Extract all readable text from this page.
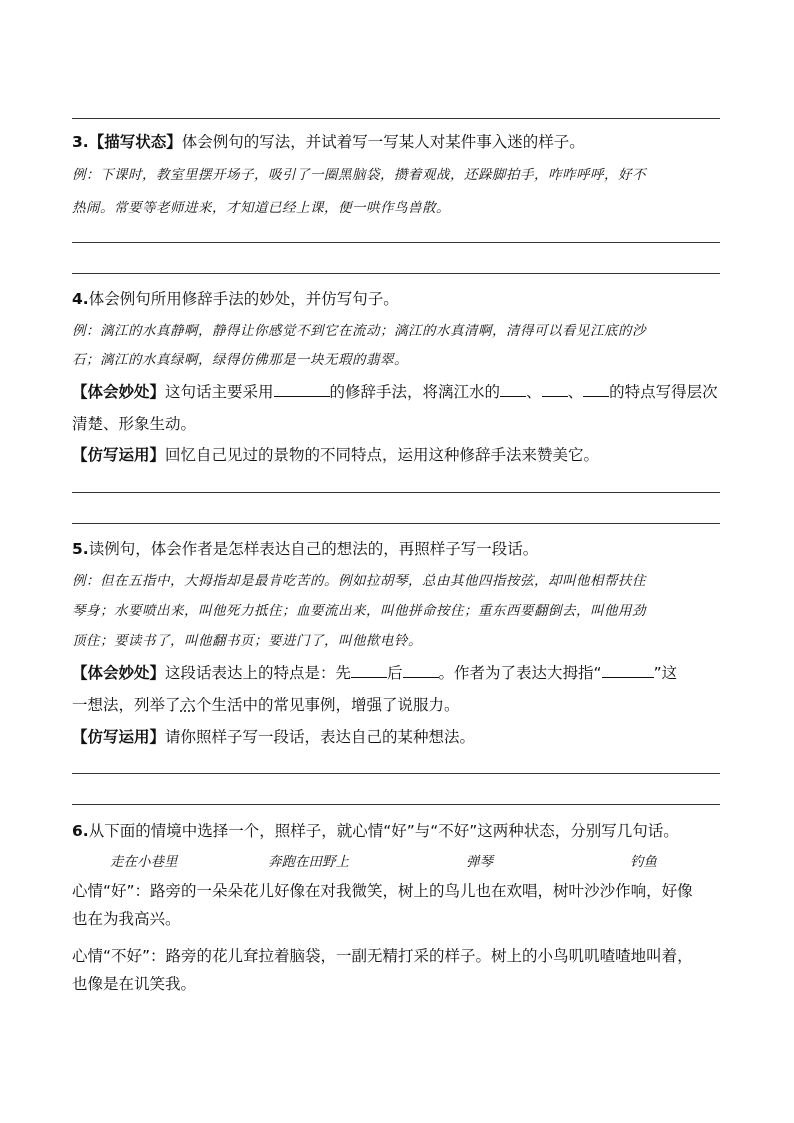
3.【描写状态】体会例句的写法，并试着写一写某人对某件事入迷的样子。
例：下课时，教室里摆开场子，吸引了一圈黑脑袋，攒着观战，还跺脚拍手，咋咋呼呼，好不
热闹。常要等老师进来，才知道已经上课，便一哄作鸟兽散。
4.体会例句所用修辞手法的妙处，并仿写句子。
例：漓江的水真静啊，静得让你感觉不到它在流动；漓江的水真清啊，清得可以看见江底的沙
石；漓江的水真绿啊，绿得仿佛那是一块无瑕的翡翠。
【体会妙处】这句话主要采用	的修辞手法，将漓江水的 、 、 的特点写得层次
清楚、形象生动。
【仿写运用】回忆自己见过的景物的不同特点，运用这种修辞手法来赞美它。
5.读例句，体会作者是怎样表达自己的想法的，再照样子写一段话。
例：但在五指中，大拇指却是最肯吃苦的。例如拉胡琴，总由其他四指按弦，却叫他相帮扶住
琴身；水要喷出来，叫他死力抵住；血要流出来，叫他拼命按住；重东西要翻倒去，叫他用劲
顶住；要读书了，叫他翻书页；要进门了，叫他揿电铃。
【体会妙处】这段话表达上的特点是：先 后 。作者为了表达大拇指“	”这
一想法，列举了六个生活中的常见事例，增强了说服力。
【仿写运用】请你照样子写一段话，表达自己的某种想法。
6.从下面的情境中选择一个，照样子，就心情“好”与“不好”这两种状态，分别写几句话。
走在小巷里	奔跑在田野上	弹琴	钓鱼
心情“好”：路旁的一朵朵花儿好像在对我微笑，树上的鸟儿也在欢唱，树叶沙沙作响，好像
也在为我高兴。
心情“不好”：路旁的花儿耷拉着脑袋，一副无精打采的样子。树上的小鸟叽叽喳喳地叫着，
也像是在讥笑我。
